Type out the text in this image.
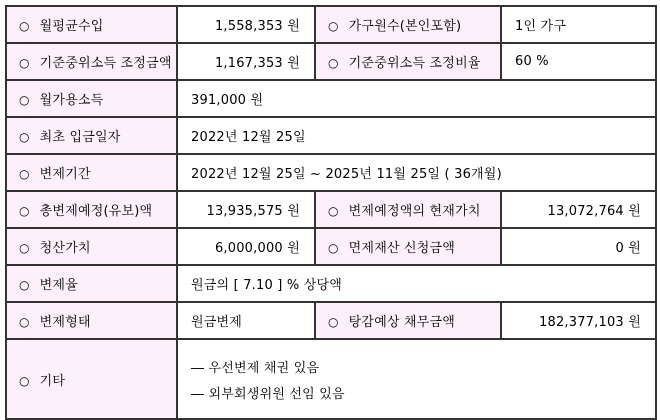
○ 월평균수입	1,558,353 원	○ 가구원수(본인포함)	1인 가구
○ 기준중위소득 조정금액	1,167,353 원	○ 기준중위소득 조정비율	60 %
○ 월가용소득	391,000 원		
○ 최초 입금일자	2022년 12월 25일		
○ 변제기간	2022년 12월 25일 ~ 2025년 11월 25일 ( 36개월)		
○ 총변제예정(유보)액	13,935,575 원	○ 변제예정액의 현재가치	13,072,764 원
○ 청산가치	6,000,000 원	○ 면제재산 신청금액	0 원
○ 변제율	원금의 [ 7.10 ] % 상당액		
○ 변제형태	원금변제	○ 탕감예상 채무금액	182,377,103 원
○ 기타	― 우선변제 채권 있음
― 외부회생위원 선임 있음		
